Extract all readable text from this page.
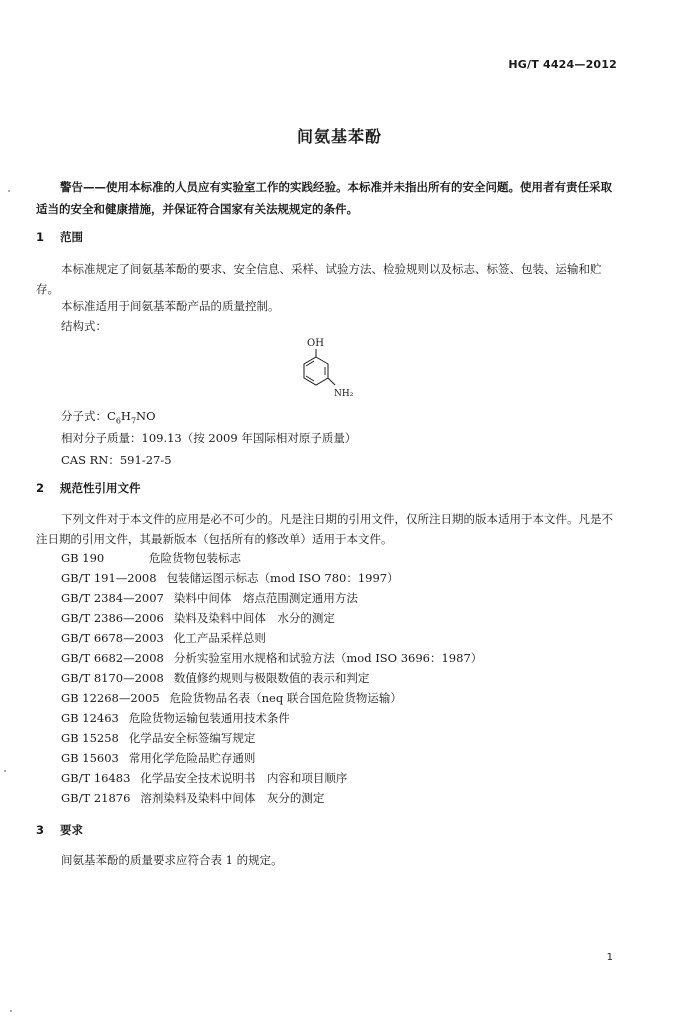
HG/T 4424—2012
间氨基苯酚
警告——使用本标准的人员应有实验室工作的实践经验。本标准并未指出所有的安全问题。使用者有责任采取适当的安全和健康措施，并保证符合国家有关法规规定的条件。
1 范围
本标准规定了间氨基苯酚的要求、安全信息、采样、试验方法、检验规则以及标志、标签、包装、运输和贮存。
本标准适用于间氨基苯酚产品的质量控制。
结构式：
OH
NH₂
分子式：$C_6H_7NO$
相对分子质量：109.13（按 2009 年国际相对原子质量）
CAS RN：591-27-5
2 规范性引用文件
下列文件对于本文件的应用是必不可少的。凡是注日期的引用文件，仅所注日期的版本适用于本文件。凡是不注日期的引用文件，其最新版本（包括所有的修改单）适用于本文件。
GB 190	危险货物包装标志
GB/T 191—2008 包装储运图示标志（mod ISO 780：1997）
GB/T 2384—2007 染料中间体　熔点范围测定通用方法
GB/T 2386—2006 染料及染料中间体　水分的测定
GB/T 6678—2003 化工产品采样总则
GB/T 6682—2008 分析实验室用水规格和试验方法（mod ISO 3696：1987）
GB/T 8170—2008 数值修约规则与极限数值的表示和判定
GB 12268—2005 危险货物品名表（neq 联合国危险货物运输）
GB 12463 危险货物运输包装通用技术条件
GB 15258 化学品安全标签编写规定
GB 15603 常用化学危险品贮存通则
GB/T 16483 化学品安全技术说明书　内容和项目顺序
GB/T 21876 溶剂染料及染料中间体　灰分的测定
3 要求
间氨基苯酚的质量要求应符合表 1 的规定。
1
